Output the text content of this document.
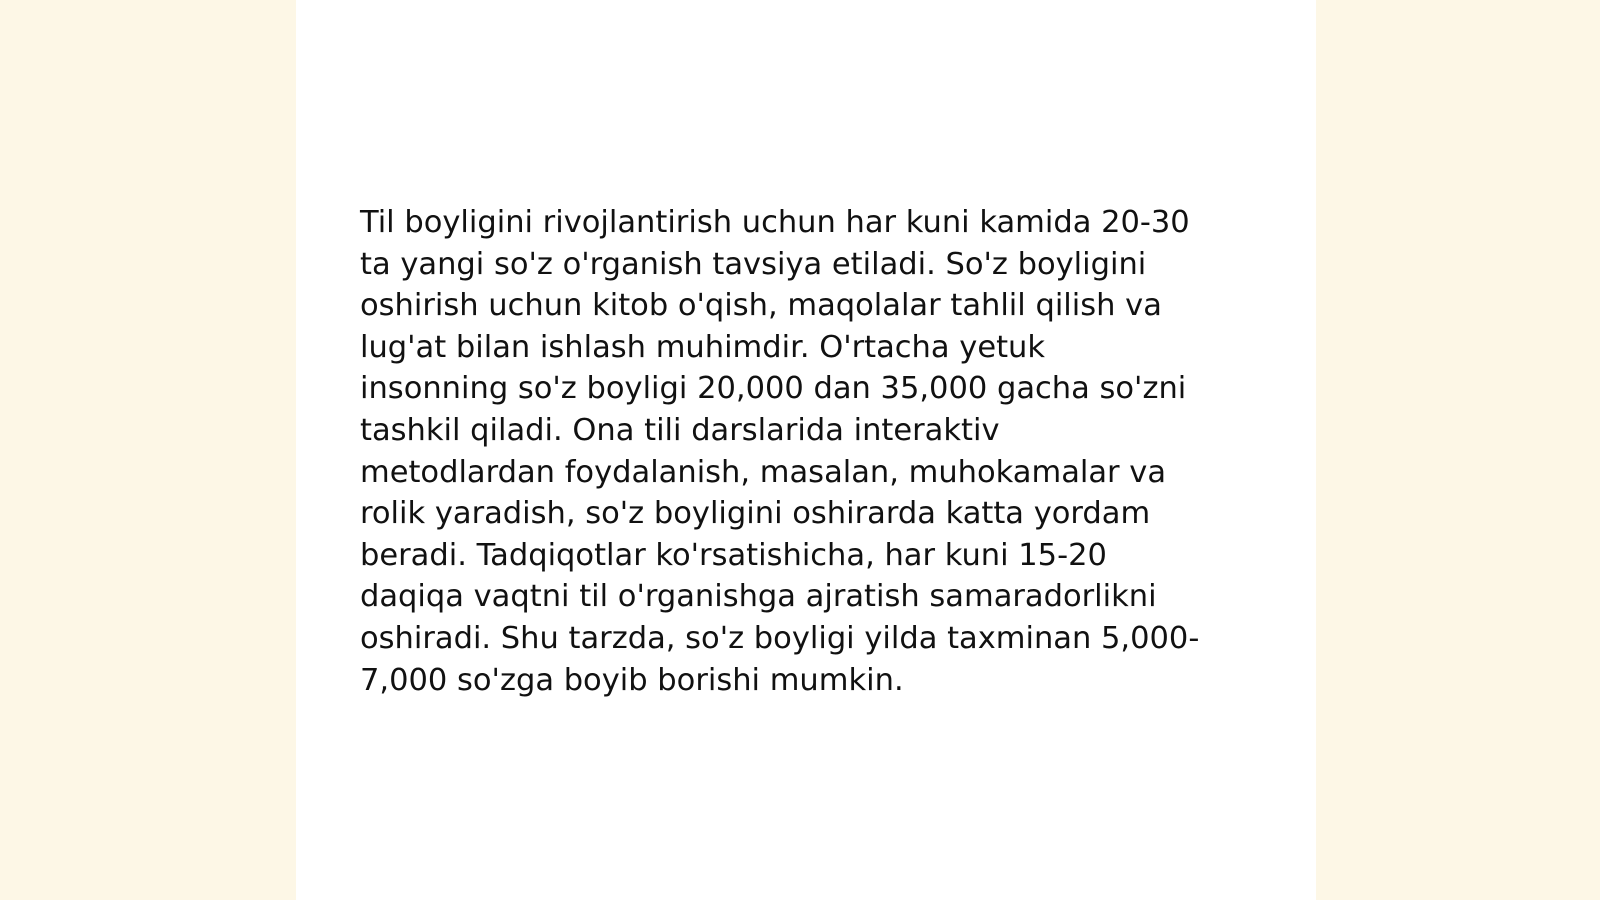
Til boyligini rivojlantirish uchun har kuni kamida 20-30
ta yangi so'z o'rganish tavsiya etiladi. So'z boyligini
oshirish uchun kitob o'qish, maqolalar tahlil qilish va
lug'at bilan ishlash muhimdir. O'rtacha yetuk
insonning so'z boyligi 20,000 dan 35,000 gacha so'zni
tashkil qiladi. Ona tili darslarida interaktiv
metodlardan foydalanish, masalan, muhokamalar va
rolik yaradish, so'z boyligini oshirarda katta yordam
beradi. Tadqiqotlar ko'rsatishicha, har kuni 15-20
daqiqa vaqtni til o'rganishga ajratish samaradorlikni
oshiradi. Shu tarzda, so'z boyligi yilda taxminan 5,000-
7,000 so'zga boyib borishi mumkin.
